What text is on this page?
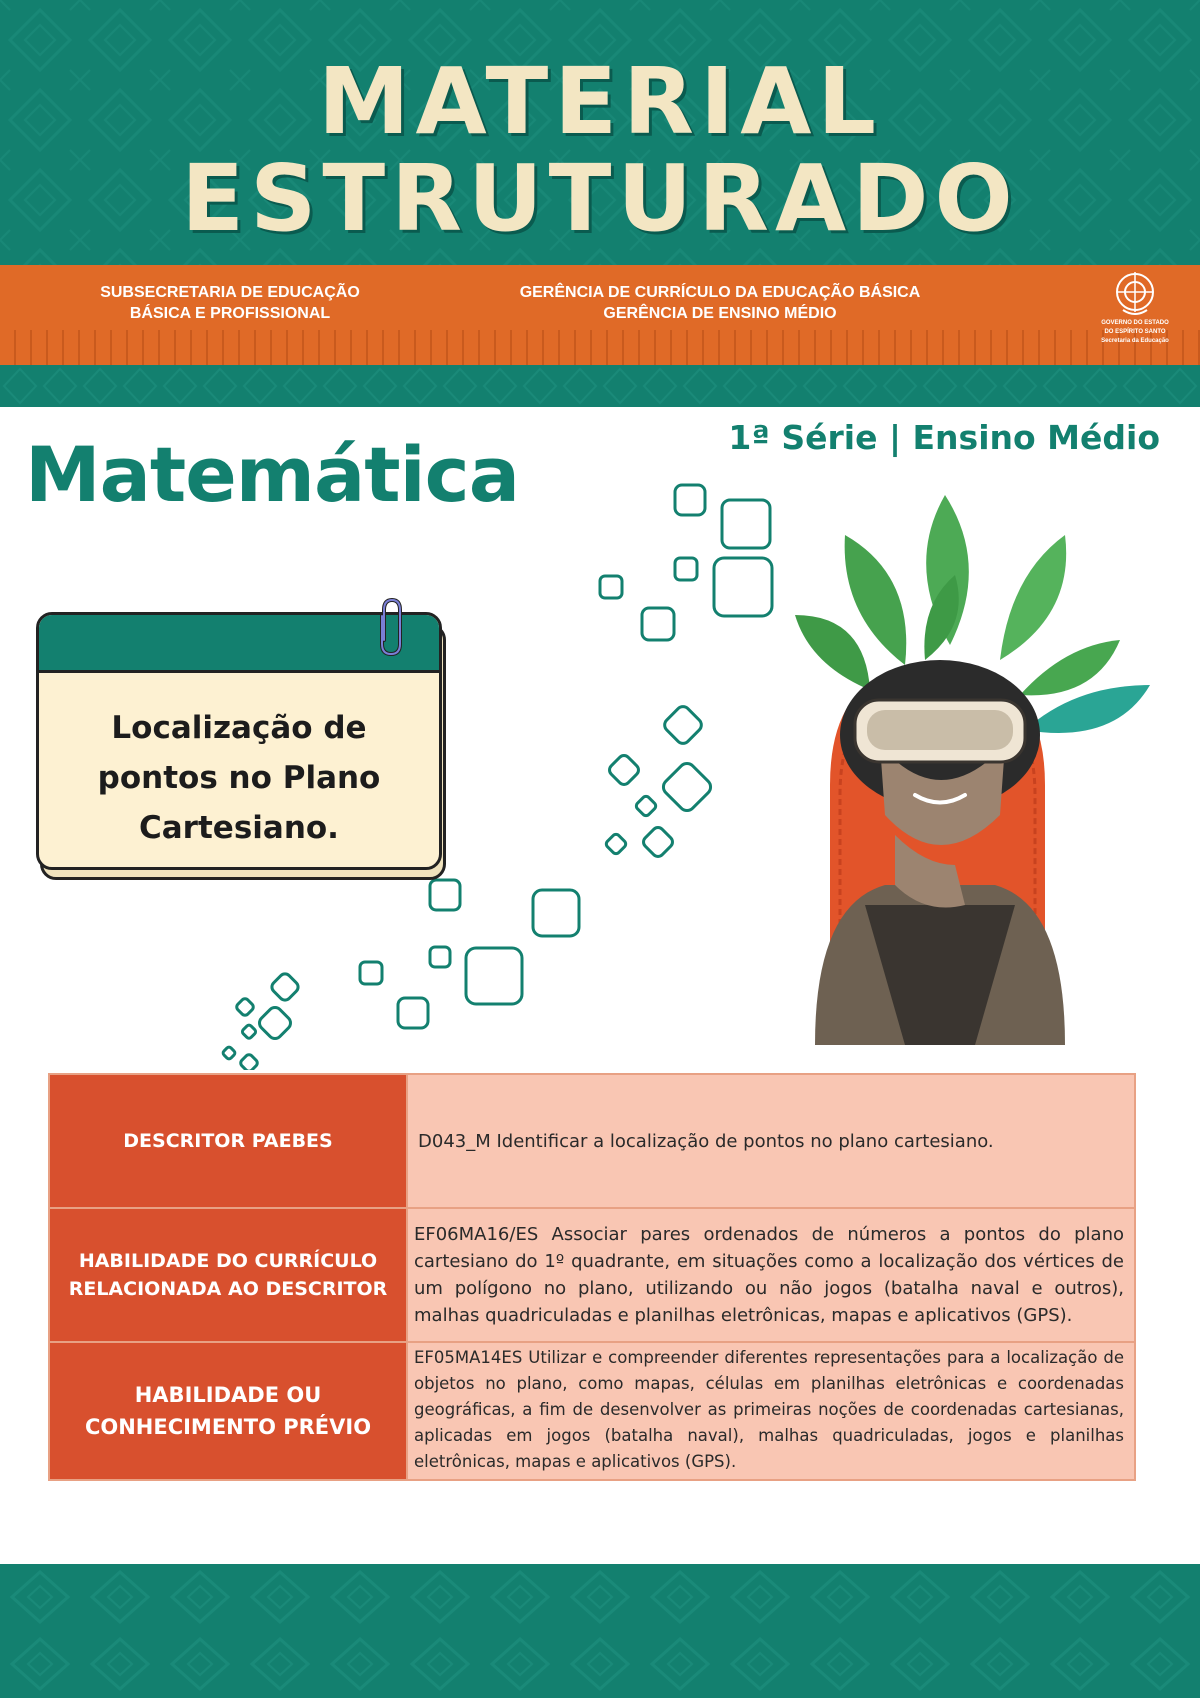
MATERIAL
ESTRUTURADO
SUBSECRETARIA DE EDUCAÇÃO
BÁSICA E PROFISSIONAL
GERÊNCIA DE CURRÍCULO DA EDUCAÇÃO BÁSICA
GERÊNCIA DE ENSINO MÉDIO
GOVERNO DO ESTADO
DO ESPÍRITO SANTO
Secretaria da Educação
Matemática	1ª Série | Ensino Médio
Localização de
pontos no Plano
Cartesiano.
DESCRITOR PAEBES	D043_M Identificar a localização de pontos no plano cartesiano.
HABILIDADE DO CURRÍCULO RELACIONADA AO DESCRITOR	EF06MA16/ES Associar pares ordenados de números a pontos do plano cartesiano do 1º quadrante, em situações como a localização dos vértices de um polígono no plano, utilizando ou não jogos (batalha naval e outros), malhas quadriculadas e planilhas eletrônicas, mapas e aplicativos (GPS).
HABILIDADE OU CONHECIMENTO PRÉVIO	EF05MA14ES Utilizar e compreender diferentes representações para a localização de objetos no plano, como mapas, células em planilhas eletrônicas e coordenadas geográficas, a fim de desenvolver as primeiras noções de coordenadas cartesianas, aplicadas em jogos (batalha naval), malhas quadriculadas, jogos e planilhas eletrônicas, mapas e aplicativos (GPS).
